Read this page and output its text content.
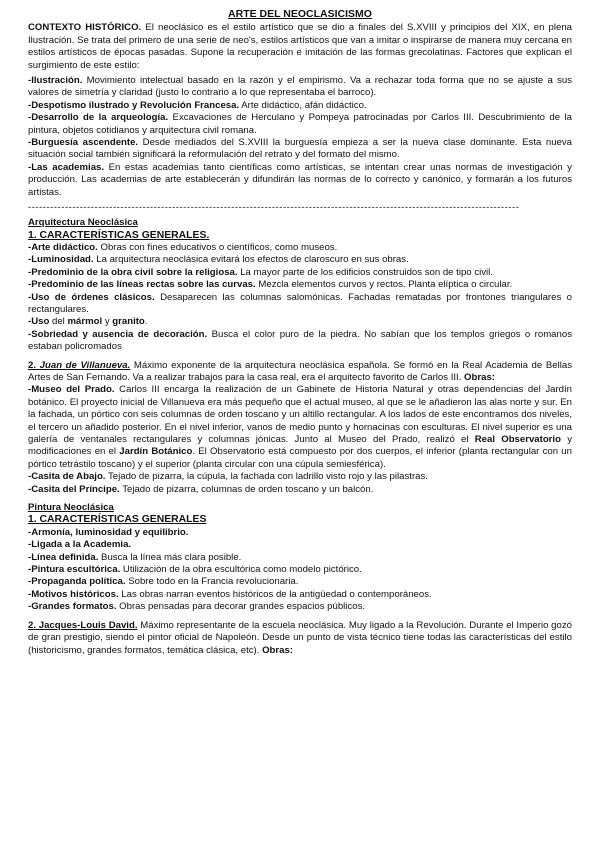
ARTE DEL NEOCLASICISMO

CONTEXTO HISTÓRICO. El neoclásico es el estilo artístico que se dio a finales del S.XVIII y principios del XIX, en plena Ilustración. Se trata del primero de una serie de neo's, estilos artísticos que van a imitar o inspirarse de manera muy cercana en estilos artísticos de épocas pasadas. Supone la recuperación e imitación de las formas grecolatinas. Factores que explican el surgimiento de este estilo:

-Ilustración. Movimiento intelectual basado en la razón y el empirismo. Va a rechazar toda forma que no se ajuste a sus valores de simetría y claridad (justo lo contrario a lo que representaba el barroco).

-Despotismo ilustrado y Revolución Francesa. Arte didáctico, afán didáctico.

-Desarrollo de la arqueología. Excavaciones de Herculano y Pompeya patrocinadas por Carlos III. Descubrimiento de la pintura, objetos cotidianos y arquitectura civil romana.

-Burguesía ascendente. Desde mediados del S.XVIII la burguesía empieza a ser la nueva clase dominante. Esta nueva situación social también significará la reformulación del retrato y del formato del mismo.

-Las academias. En estas academias tanto científicas como artísticas, se intentan crear unas normas de investigación y producción. Las academias de arte establecerán y difundirán las normas de lo correcto y canónico, y formarán a los futuros artistas.

-------------------------------------------------------------------------------------------------------------------------------------
Arquitectura Neoclásica
1. CARACTERÍSTICAS GENERALES.

-Arte didáctico. Obras con fines educativos o científicos, como museos.

-Luminosidad. La arquitectura neoclásica evitará los efectos de claroscuro en sus obras.

-Predominio de la obra civil sobre la religiosa. La mayor parte de los edificios construidos son de tipo civil.

-Predominio de las líneas rectas sobre las curvas. Mezcla elementos curvos y rectos. Planta elíptica o circular.

-Uso de órdenes clásicos. Desaparecen las columnas salomónicas. Fachadas rematadas por frontones triangulares o rectangulares.

-Uso del mármol y granito.

-Sobriedad y ausencia de decoración. Busca el color puro de la piedra. No sabían que los templos griegos o romanos estaban policromados

2. Juan de Villanueva. Máximo exponente de la arquitectura neoclásica española. Se formó en la Real Academia de Bellas Artes de San Fernando. Va a realizar trabajos para la casa real, era el arquitecto favorito de Carlos III. Obras:

-Museo del Prado. Carlos III encarga la realización de un Gabinete de Historia Natural y otras dependencias del Jardín botánico. El proyecto inicial de Villanueva era más pequeño que el actual museo, al que se le añadieron las alas norte y sur. En la fachada, un pórtico con seis columnas de orden toscano y un altillo rectangular. A los lados de este encontramos dos niveles, el tercero un añadido posterior. En el nivel inferior, vanos de medio punto y hornacinas con esculturas. El nivel superior es una galería de ventanales rectangulares y columnas jónicas. Junto al Museo del Prado, realizó el Real Observatorio y modificaciones en el Jardín Botánico. El Observatorio está compuesto por dos cuerpos, el inferior (planta rectangular con un pórtico tetrástilo toscano) y el superior (planta circular con una cúpula semiesférica).

-Casita de Abajo. Tejado de pizarra, la cúpula, la fachada con ladrillo visto rojo y las pilastras.

-Casita del Príncipe. Tejado de pizarra, columnas de orden toscano y un balcón.

Pintura Neoclásica
1. CARACTERÍSTICAS GENERALES

-Armonía, luminosidad y equilibrio.

-Ligada a la Academia.

-Línea definida. Busca la línea más clara posible.

-Pintura escultórica. Utilización de la obra escultórica como modelo pictórico.

-Propaganda política. Sobre todo en la Francia revolucionaria.

-Motivos históricos. Las obras narran eventos históricos de la antigüedad o contemporáneos.

-Grandes formatos. Obras pensadas para decorar grandes espacios públicos.

2. Jacques-Louis David. Máximo representante de la escuela neoclásica. Muy ligado a la Revolución. Durante el Imperio gozó de gran prestigio, siendo el pintor oficial de Napoleón. Desde un punto de vista técnico tiene todas las características del estilo (historicismo, grandes formatos, temática clásica, etc). Obras:
